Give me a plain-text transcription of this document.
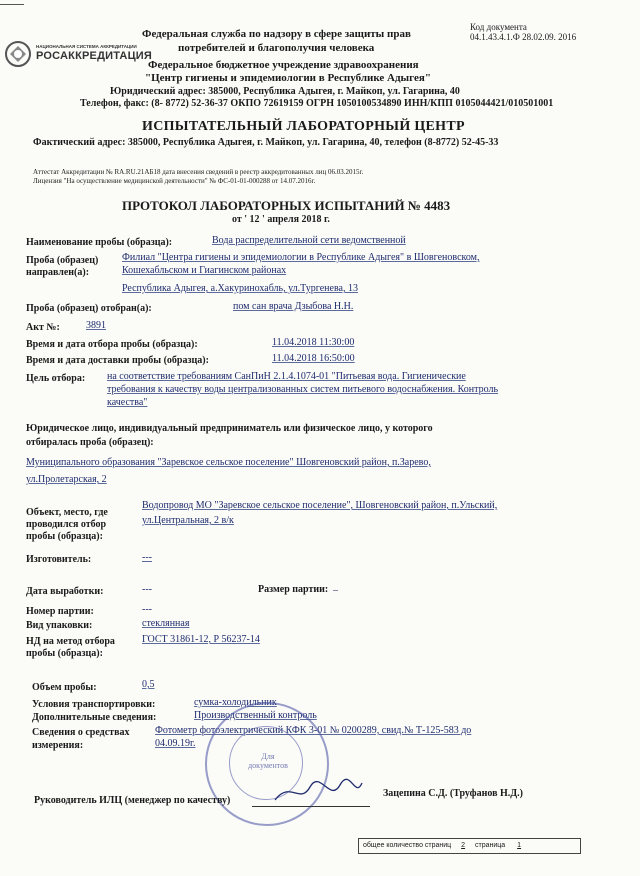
НАЦИОНАЛЬНАЯ СИСТЕМА АККРЕДИТАЦИИ
РОСАККРЕДИТАЦИЯ
Код документа
04.1.43.4.1.Ф 28.02.09. 2016
Федеральная служба по надзору в сфере защиты прав
потребителей и благополучия человека
Федеральное бюджетное учреждение здравоохранения
"Центр гигиены и эпидемиологии в Республике Адыгея"
Юридический адрес: 385000, Республика Адыгея, г. Майкоп, ул. Гагарина, 40
Телефон, факс: (8- 8772) 52-36-37 ОКПО 72619159 ОГРН 1050100534890 ИНН/КПП 0105044421/010501001
ИСПЫТАТЕЛЬНЫЙ ЛАБОРАТОРНЫЙ ЦЕНТР
Фактический адрес: 385000, Республика Адыгея, г. Майкоп, ул. Гагарина, 40, телефон (8-8772) 52-45-33
Аттестат Аккредитации № RA.RU.21АБ18 дата внесения сведений в реестр аккредитованных лиц 06.03.2015г.
Лицензия "На осуществление медицинской деятельности" № ФС-01-01-000288 от 14.07.2016г.
ПРОТОКОЛ ЛАБОРАТОРНЫХ ИСПЫТАНИЙ № 4483
от ' 12 ' апреля 2018 г.
Наименование пробы (образца):	Вода распределительной сети ведомственной
Проба (образец)
направлен(а):
Филиал "Центра гигиены и эпидемиологии в Республике Адыгея" в Шовгеновском,
Кошехабльском и Гиагинском районах
Республика Адыгея, а.Хакуринохабль, ул.Тургенева, 13
Проба (образец) отобран(а):	пом сан врача Дзыбова Н.Н.
Акт №:	3891
Время и дата отбора пробы (образца):	11.04.2018 11:30:00
Время и дата доставки пробы (образца):	11.04.2018 16:50:00
Цель отбора: на соответствие требованиям СанПиН 2.1.4.1074-01 "Питьевая вода. Гигиенические
требования к качеству воды централизованных систем питьевого водоснабжения. Контроль
качества"
Юридическое лицо, индивидуальный предприниматель или физическое лицо, у которого
отбиралась проба (образец):
Муниципального образования "Заревское сельское поселение" Шовгеновский район, п.Зарево,
ул.Пролетарская, 2
Объект, место, где
проводился отбор
пробы (образца):
Водопровод МО "Заревское сельское поселение", Шовгеновский район, п.Ульский,
ул.Центральная, 2 в/к
Изготовитель:	---
Дата выработки:	---	Размер партии: _
Номер партии:	---
Вид упаковки:	стеклянная
НД на метод отбора
пробы (образца):
ГОСТ 31861-12, Р 56237-14
Объем пробы:	0,5
Условия транспортировки:	сумка-холодильник
Дополнительные сведения:	Производственный контроль
Сведения о средствах
измерения:
Фотометр фотоэлектрический КФК 3-01 № 0200289, свид.№ Т-125-583 до
04.09.19г.
Для документов
Руководитель ИЛЦ (менеджер по качеству)
Зацепина С.Д. (Труфанов Н.Д.)
общее количество страниц 2 страница 1
